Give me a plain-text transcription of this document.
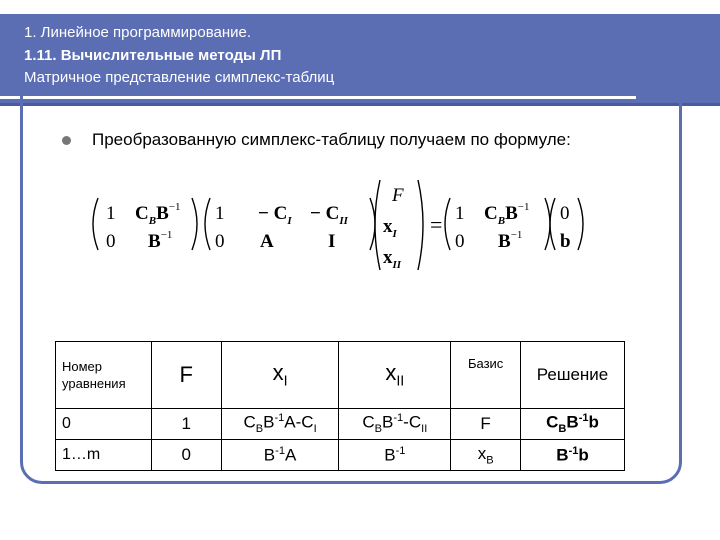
1. Линейное программирование.
1.11. Вычислительные методы ЛП
Матричное представление симплекс-таблиц
Преобразованную симплекс-таблицу получаем по формуле:
1 $C_BB^{-1}$
0 $B^{-1}$
$1 - C_I - C_{II}$
0 A	I
F
$x_I$
$x_{II}$
= 1 $C_BB^{-1}$
0 $B^{-1}$
0
b
Номер уравнения	F	$x_I$	$x_{II}$	Базис	Решение
0	1	$C_BB^{-1}A-C_I$	$C_BB^{-1}-C_{II}$	F	$C_BB^{-1}b$
1…m	0	$B^{-1}A$	$B^{-1}$	$x_B$	$B^{-1}b$
